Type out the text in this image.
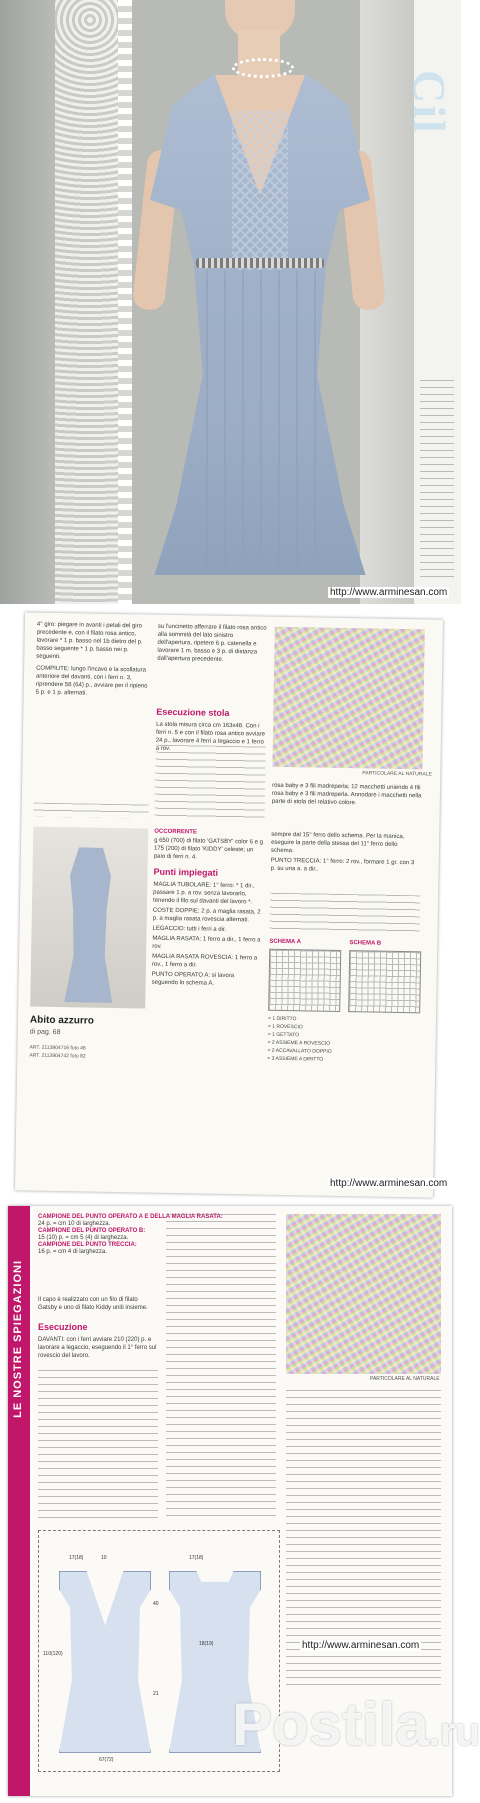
Cil
http://www.arminesan.com

4° giro: piegare in avanti i petali del giro precedente e, con il filato rosa antico, lavorare * 1 p. basso nel 1b dietro del p. basso seguente * 1 p. basso nei p. seguenti.

COMPIUTE: lungo l'incavo e la scollatura anteriore del davanti, con i ferri n. 3, riprendere 58 (64) p., avviare per il ripieno 5 p. e 1 p. alternati.

su l'uncinetto afferrare il filato rosa antico alla sommità del lato sinistro dell'apertura, ripetere 6 p. catenella e lavorare 1 m. basso e 3 p. di distanza dall'apertura precedente.

Esecuzione stola

La stola misura circa cm 163x48. Con i ferri n. 5 e con il filato rosa antico avviare 24 p., lavorare 4 ferri a legaccio e 1 ferro a rov.

PARTICOLARE AL NATURALE

rosa baby e 3 fili madreperla; 12 macchetti uniendo 4 fili rosa baby e 3 fili madreperla. Annodare i macchetti nella parte di stola del relativo colore.

Abito azzurro
di pag. 68
ART. 2113904716 foto 46
ART. 2113904742 foto 82
OCCORRENTE
g 650 (700) di filato 'GATSBY' color 6 e g 175 (200) di filato 'KIDDY' celeste; un paio di ferri n. 4.
Punti impiegati

MAGLIA TUBOLARE: 1° ferro: * 1 dir., passare 1 p. a rov. senza lavorarlo, tenendo il filo sul davanti del lavoro *.

COSTE DOPPIE: 2 p. a maglia rasata, 2 p. a maglia rasata rovescia alternati.

LEGACCIO: tutti i ferri a dir.

MAGLIA RASATA: 1 ferro a dir., 1 ferro a rov.

MAGLIA RASATA ROVESCIA: 1 ferro a rov., 1 ferro a dir.

PUNTO OPERATO A: si lavora seguendo lo schema A.

sempre dal 15° ferro dello schema. Per la manica, eseguire la parte della stessa del 11° ferro dello schema.

PUNTO TRECCIA: 1° ferro: 2 rov., formare 1 gr. con 3 p. su una a. a dir..

SCHEMA A	SCHEMA B
= 1 DIRITTO
= 1 ROVESCIO
= 1 GETTATO
= 2 ASSIEME A ROVESCIO
= 2 ACCAVALLATO DOPPIO
= 3 ASSIEME A DIRITTO
http://www.arminesan.com
LE NOSTRE SPIEGAZIONI
CAMPIONE DEL PUNTO OPERATO A E DELLA MAGLIA RASATA:
24 p. = cm 10 di larghezza.
CAMPIONE DEL PUNTO OPERATO B:
15 (10) p. = cm 5 (4) di larghezza.
CAMPIONE DEL PUNTO TRECCIA:
16 p. = cm 4 di larghezza.
Il capo è realizzato con un filo di filato Gatsby e uno di filato Kiddy uniti insieme.
Esecuzione
DAVANTI: con i ferri avviare 210 (220) p. e lavorare a legaccio, eseguendo il 1° ferro sul rovescio del lavoro.
PARTICOLARE AL NATURALE
17(18)	10	17(18)
110(120)
40
21
18(19)
67(72)
http://www.arminesan.com
Postila.ru
